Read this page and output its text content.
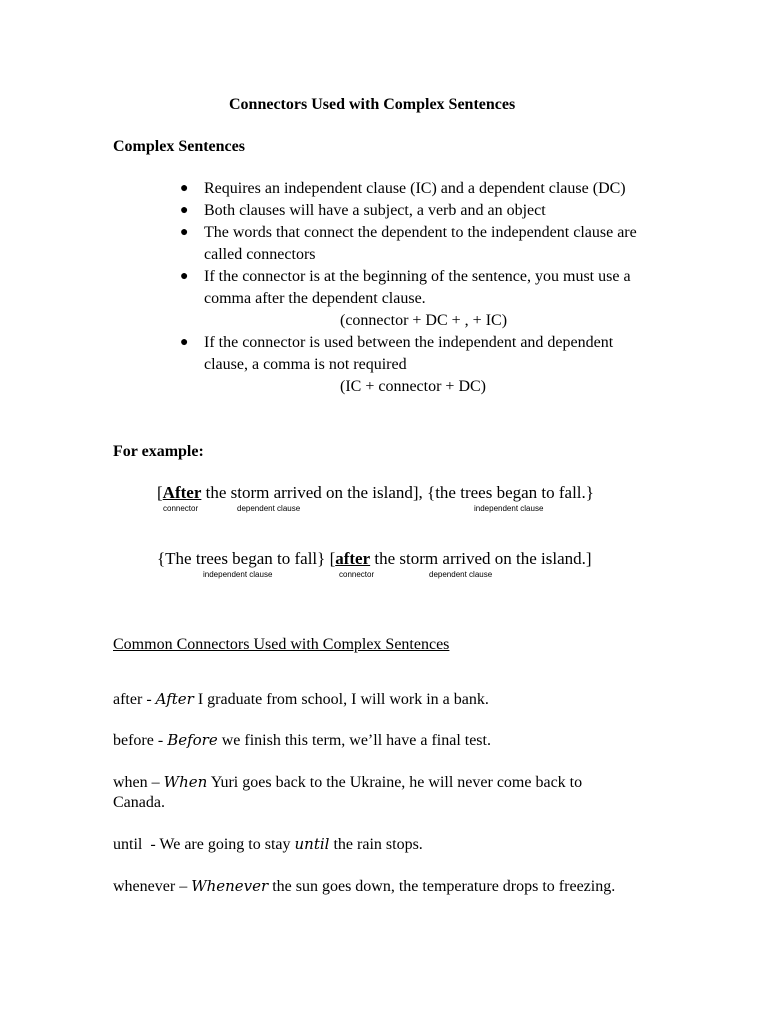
Connectors Used with Complex Sentences
Complex Sentences
● Requires an independent clause (IC) and a dependent clause (DC)
● Both clauses will have a subject, a verb and an object
● The words that connect the dependent to the independent clause are called connectors
● If the connector is at the beginning of the sentence, you must use a comma after the dependent clause.
(connector + DC + , + IC)
● If the connector is used between the independent and dependent clause, a comma is not required
(IC + connector + DC)
For example:
[After the storm arrived on the island], {the trees began to fall.}
connector	dependent clause	independent clause
{The trees began to fall} [after the storm arrived on the island.]
independent clause	connector	dependent clause
Common Connectors Used with Complex Sentences
after - After I graduate from school, I will work in a bank.
before - Before we finish this term, we’ll have a final test.
when – When Yuri goes back to the Ukraine, he will never come back to
Canada.
until  - We are going to stay until the rain stops.
whenever – Whenever the sun goes down, the temperature drops to freezing.
